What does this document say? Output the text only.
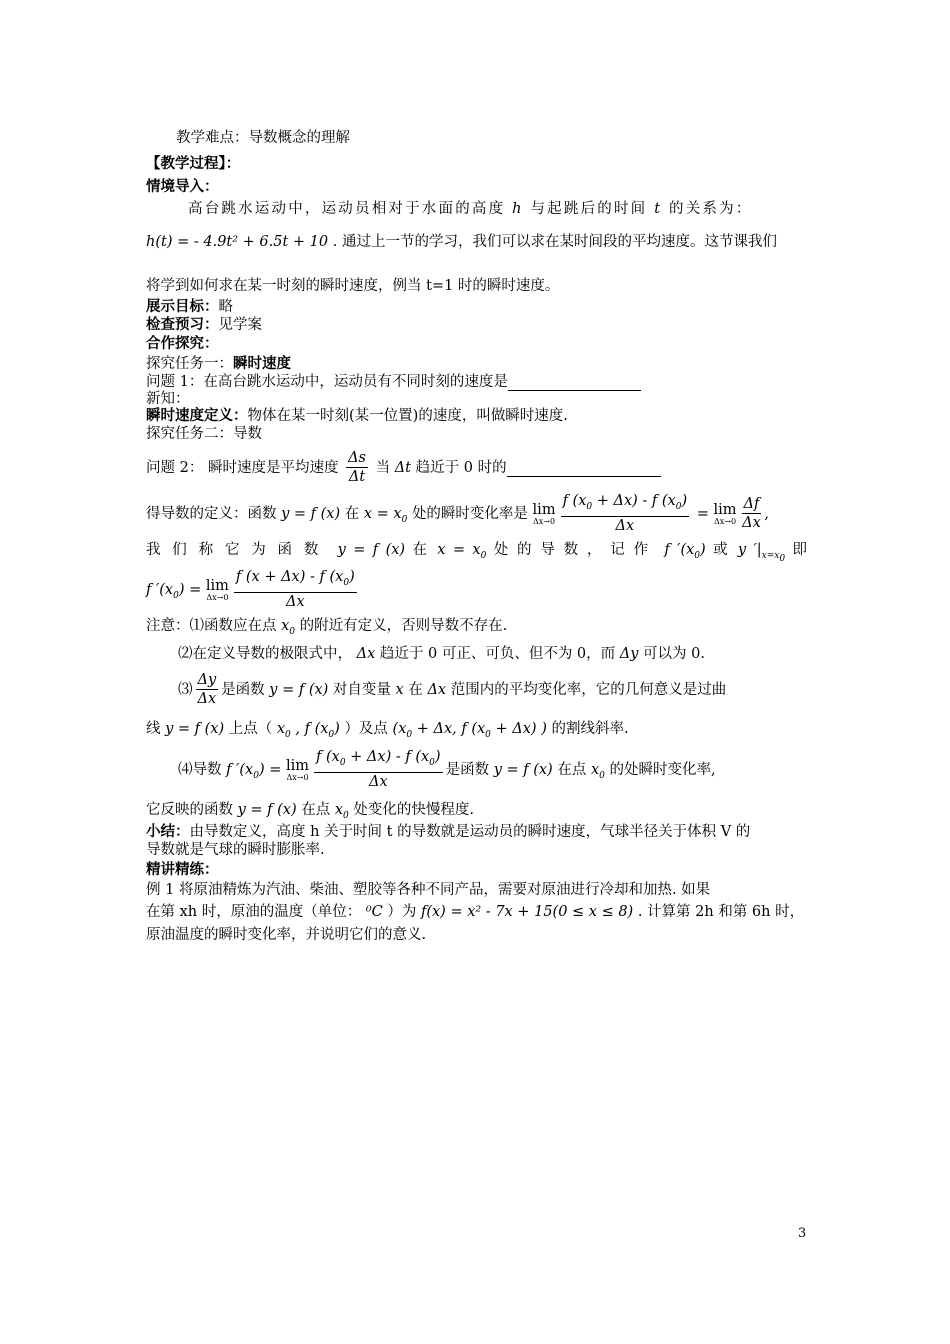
教学难点：导数概念的理解
【教学过程】：
情境导入：
高台跳水运动中，运动员相对于水面的高度 h 与起跳后的时间 t 的关系为：
h(t) = - 4.9t² + 6.5t + 10 . 通过上一节的学习，我们可以求在某时间段的平均速度。这节课我们
将学到如何求在某一时刻的瞬时速度，例当 t=1 时的瞬时速度。
展示目标：略
检查预习：见学案
合作探究：
探究任务一：瞬时速度
问题 1：在高台跳水运动中，运动员有不同时刻的速度是
新知：
瞬时速度定义：物体在某一时刻(某一位置)的速度，叫做瞬时速度.
探究任务二：导数
问题 2： 瞬时速度是平均速度 $\frac{\Delta s}{\Delta t}$ 当 Δt 趋近于 0 时的
得导数的定义：函数 y = f (x) 在 $x = x_0$ 处的瞬时变化率是 lim
$\Delta x\to 0 \frac{f (x_0 + \Delta x) - f (x_0)}{\Delta x} = \lim$
$\Delta x\to 0 \frac{\Delta f}{\Delta x}$ ,
我们称它为函数 y = f (x) 在 $x = x_0$ 处的导数，记作 f $'(x_0)$ 或 y $'|_{x=x_0}$ 即
f $'(x_0) = \lim$
$\Delta x\to 0 \frac{f (x + \Delta x) - f (x_0)}{\Delta x}$
注意：⑴函数应在点 $x_0$ 的附近有定义，否则导数不存在.
⑵在定义导数的极限式中， Δx 趋近于 0 可正、可负、但不为 0，而 Δy 可以为 0.
⑶ $\frac{\Delta y}{\Delta x}$ 是函数 y = f (x) 对自变量 x 在 Δx 范围内的平均变化率，它的几何意义是过曲
线 y = f (x) 上点（ $x_0$ , f $(x_0)$ ）及点 ($x_0 + \Delta x$, f $(x_0 + \Delta x)$ ) 的割线斜率.
⑷导数 f $'(x_0) = \lim$
$\Delta x\to 0 \frac{f (x_0 + \Delta x) - f (x_0)}{\Delta x}$ 是函数 y = f (x) 在点 $x_0$ 的处瞬时变化率,
它反映的函数 y = f (x) 在点 $x_0$ 处变化的快慢程度.
小结：由导数定义，高度 h 关于时间 t 的导数就是运动员的瞬时速度，气球半径关于体积 V 的
导数就是气球的瞬时膨胀率.
精讲精练：
例 1 将原油精炼为汽油、柴油、塑胶等各种不同产品，需要对原油进行冷却和加热. 如果
在第 xh 时，原油的温度（单位： ⁰C ）为 f(x) = x² - 7x + 15(0 ≤ x ≤ 8) . 计算第 2h 和第 6h 时，
原油温度的瞬时变化率，并说明它们的意义.
3
